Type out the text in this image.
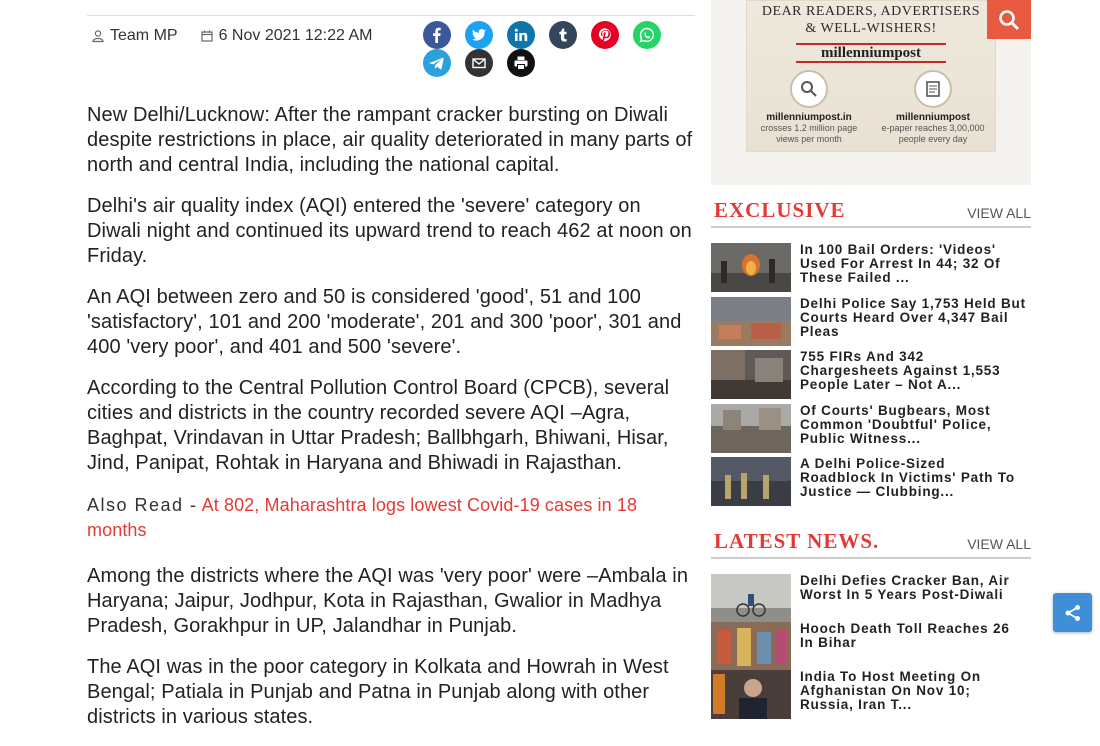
Team MP	6 Nov 2021 12:22 AM

New Delhi/Lucknow: After the rampant cracker bursting on Diwali despite restrictions in place, air quality deteriorated in many parts of north and central India, including the national capital.

Delhi's air quality index (AQI) entered the 'severe' category on Diwali night and continued its upward trend to reach 462 at noon on Friday.

An AQI between zero and 50 is considered 'good', 51 and 100 'satisfactory', 101 and 200 'moderate', 201 and 300 'poor', 301 and 400 'very poor', and 401 and 500 'severe'.

According to the Central Pollution Control Board (CPCB), several cities and districts in the country recorded severe AQI –Agra, Baghpat, Vrindavan in Uttar Pradesh; Ballbhgarh, Bhiwani, Hisar, Jind, Panipat, Rohtak in Haryana and Bhiwadi in Rajasthan.

Also Read - At 802, Maharashtra logs lowest Covid-19 cases in 18 months

Among the districts where the AQI was 'very poor' were –Ambala in Haryana; Jaipur, Jodhpur, Kota in Rajasthan, Gwalior in Madhya Pradesh, Gorakhpur in UP, Jalandhar in Punjab.

The AQI was in the poor category in Kolkata and Howrah in West Bengal; Patiala in Punjab and Patna in Punjab along with other districts in various states.

DEAR READERS, ADVERTISERS
& WELL-WISHERS!
millenniumpost
millenniumpost.in
crosses 1.2 million page views per month
millenniumpost
e-paper reaches 3,00,000 people every day
EXCLUSIVE	VIEW ALL
In 100 Bail Orders: 'Videos' Used For Arrest In 44; 32 Of These Failed ...
Delhi Police Say 1,753 Held But Courts Heard Over 4,347 Bail Pleas
755 FIRs And 342 Chargesheets Against 1,553 People Later – Not A...
Of Courts' Bugbears, Most Common 'Doubtful' Police, Public Witness...
A Delhi Police-Sized Roadblock In Victims' Path To Justice — Clubbing...
LATEST NEWS.	VIEW ALL
Delhi Defies Cracker Ban, Air Worst In 5 Years Post-Diwali
Hooch Death Toll Reaches 26 In Bihar
India To Host Meeting On Afghanistan On Nov 10; Russia, Iran T...
